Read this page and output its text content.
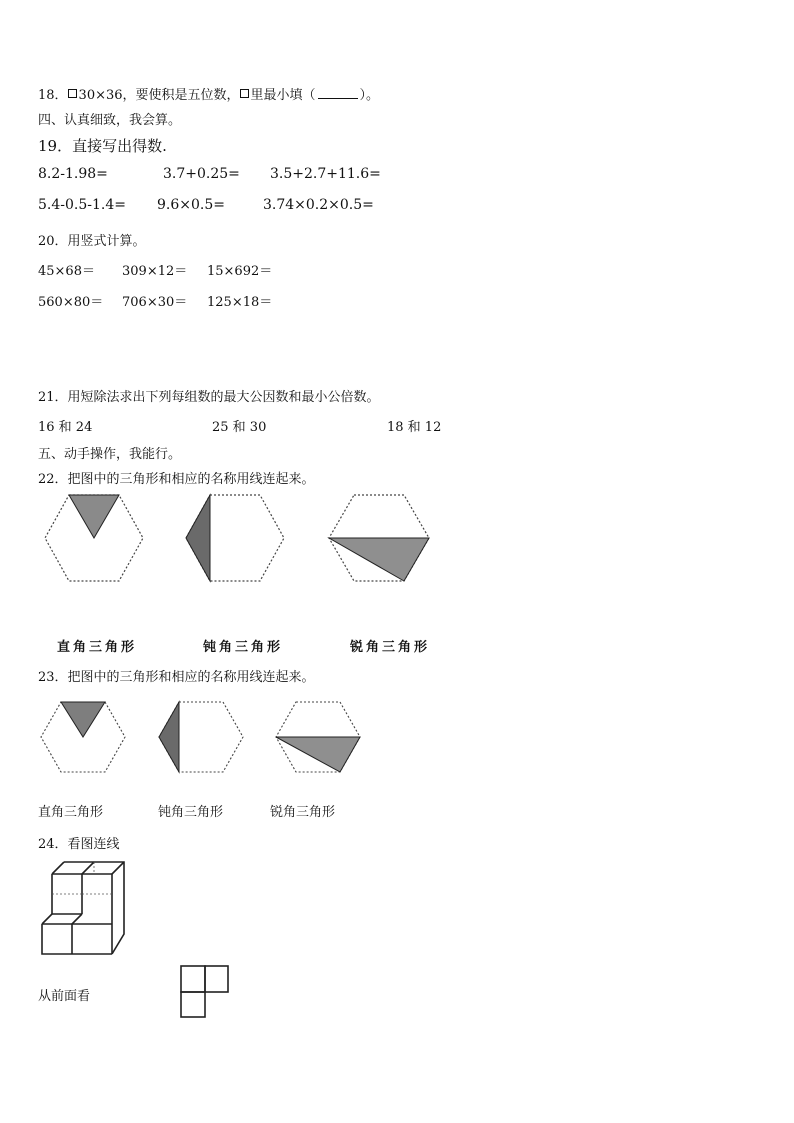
18． 30×36，要使积是五位数， 里最小填（	）。
四、认真细致，我会算。
19．直接写出得数.
8.2-1.98=	3.7+0.25= 3.5+2.7+11.6=
5.4-0.5-1.4= 9.6×0.5=	3.74×0.2×0.5=
20．用竖式计算。
45×68＝ 309×12＝ 15×692＝
560×80＝ 706×30＝ 125×18＝
21．用短除法求出下列每组数的最大公因数和最小公倍数。
16 和 24	25 和 30	18 和 12
五、动手操作，我能行。
22．把图中的三角形和相应的名称用线连起来。
直角三角形	钝角三角形	锐角三角形
23．把图中的三角形和相应的名称用线连起来。
直角三角形	钝角三角形	锐角三角形
24．看图连线
从前面看
